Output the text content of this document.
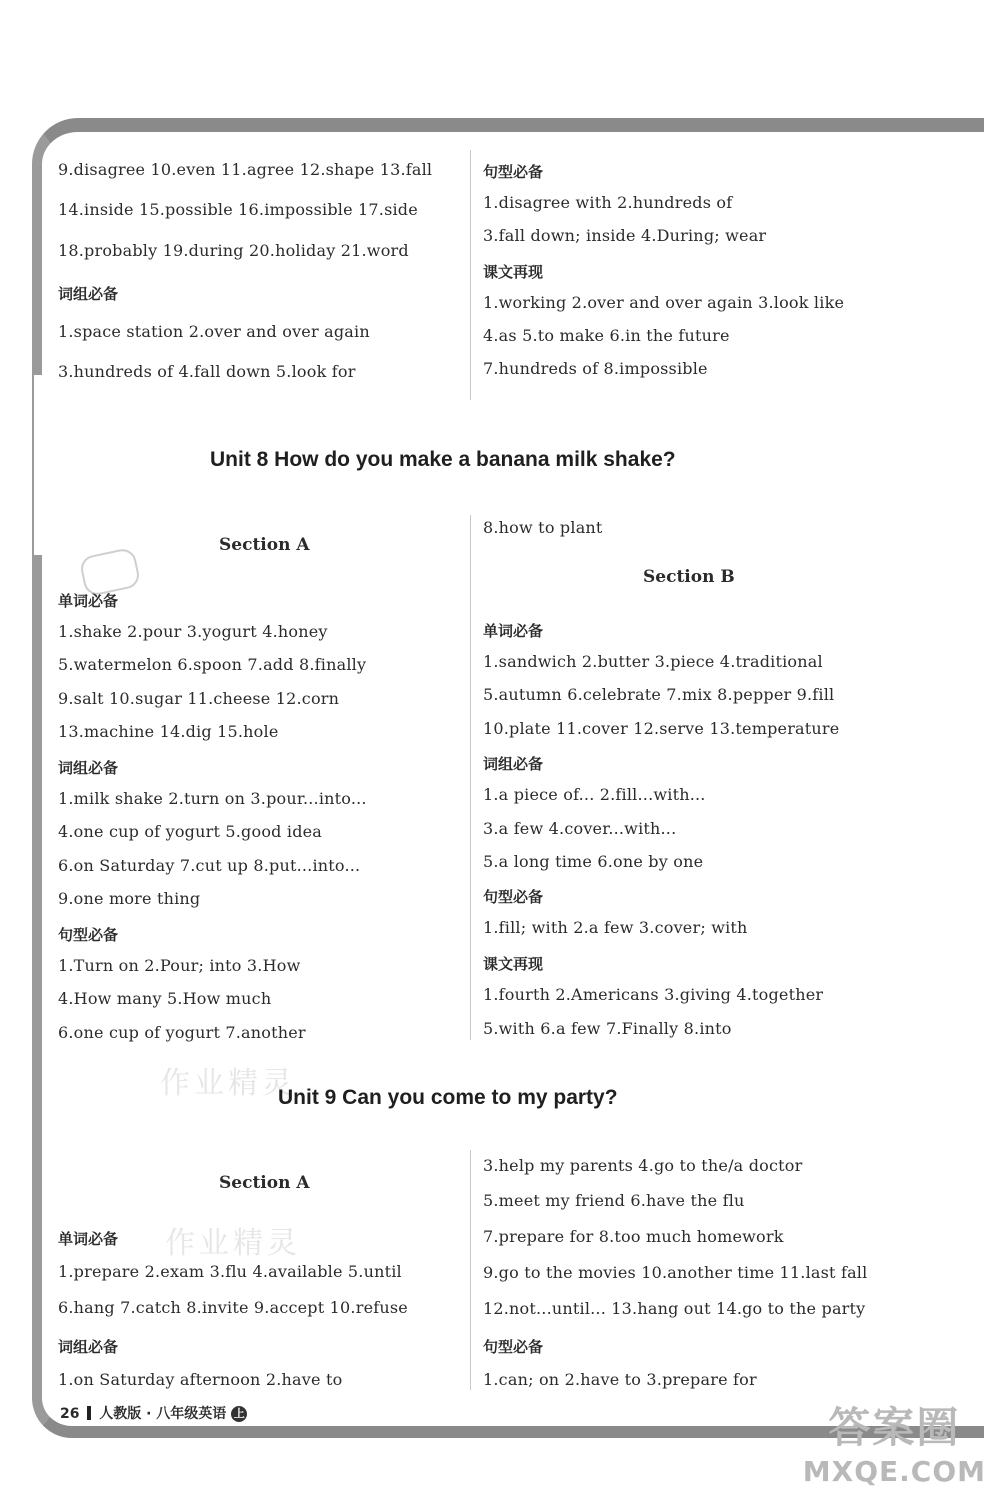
9.disagree 10.even 11.agree 12.shape 13.fall
14.inside 15.possible 16.impossible 17.side
18.probably 19.during 20.holiday 21.word
词组必备
1.space station 2.over and over again
3.hundreds of 4.fall down 5.look for
句型必备
1.disagree with 2.hundreds of
3.fall down; inside 4.During; wear
课文再现
1.working 2.over and over again 3.look like
4.as 5.to make 6.in the future
7.hundreds of 8.impossible
Unit 8 How do you make a banana milk shake?
Section A
单词必备
1.shake 2.pour 3.yogurt 4.honey
5.watermelon 6.spoon 7.add 8.finally
9.salt 10.sugar 11.cheese 12.corn
13.machine 14.dig 15.hole
词组必备
1.milk shake 2.turn on 3.pour...into...
4.one cup of yogurt 5.good idea
6.on Saturday 7.cut up 8.put...into...
9.one more thing
句型必备
1.Turn on 2.Pour; into 3.How
4.How many 5.How much
6.one cup of yogurt 7.another
8.how to plant
Section B
单词必备
1.sandwich 2.butter 3.piece 4.traditional
5.autumn 6.celebrate 7.mix 8.pepper 9.fill
10.plate 11.cover 12.serve 13.temperature
词组必备
1.a piece of... 2.fill...with...
3.a few 4.cover...with...
5.a long time 6.one by one
句型必备
1.fill; with 2.a few 3.cover; with
课文再现
1.fourth 2.Americans 3.giving 4.together
5.with 6.a few 7.Finally 8.into
作业精灵
Unit 9 Can you come to my party?
Section A
单词必备 作业精灵
1.prepare 2.exam 3.flu 4.available 5.until
6.hang 7.catch 8.invite 9.accept 10.refuse
词组必备
1.on Saturday afternoon 2.have to
3.help my parents 4.go to the/a doctor
5.meet my friend 6.have the flu
7.prepare for 8.too much homework
9.go to the movies 10.another time 11.last fall
12.not...until... 13.hang out 14.go to the party
句型必备
1.can; on 2.have to 3.prepare for
26 人教版 · 八年级英语 上	答案圈
MXQE.COM
